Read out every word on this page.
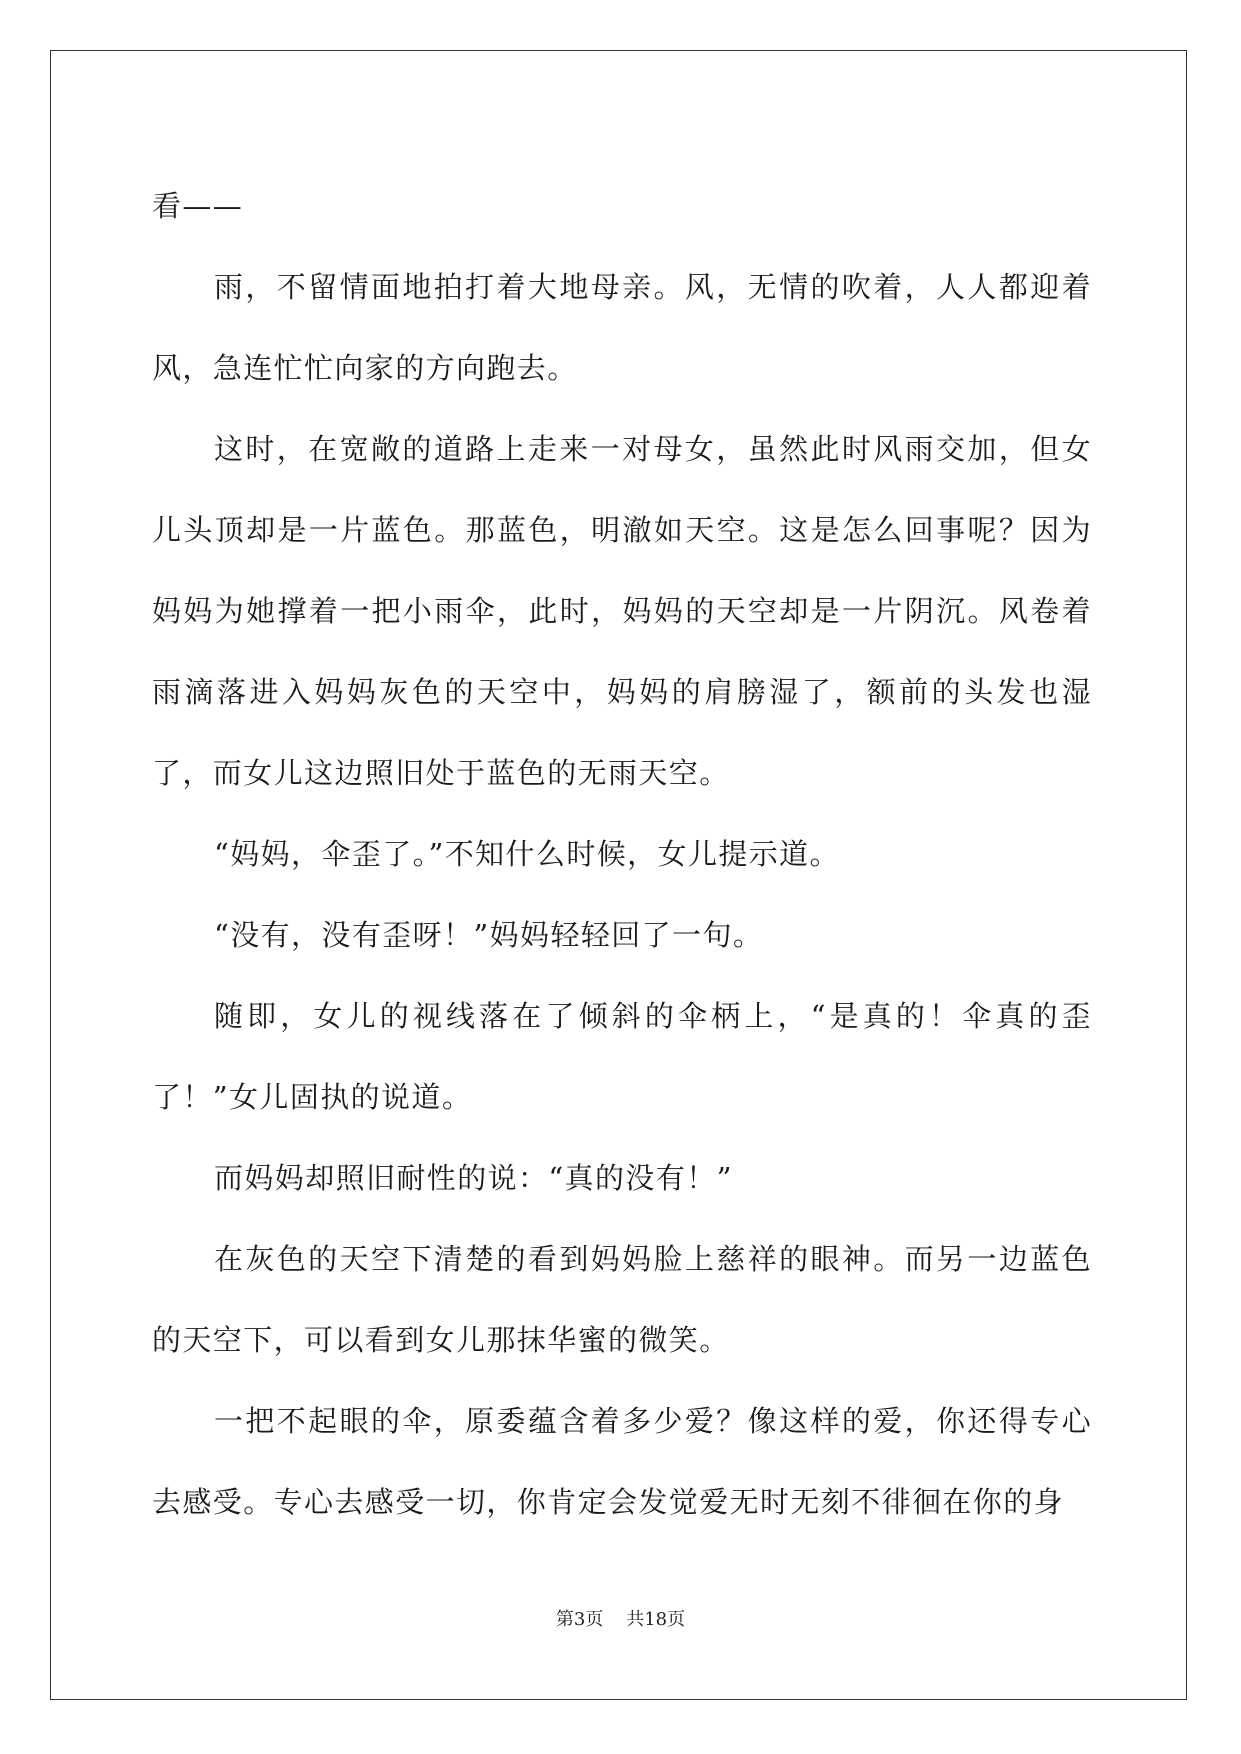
看——

雨，不留情面地拍打着大地母亲。风，无情的吹着，人人都迎着风，急连忙忙向家的方向跑去。

这时，在宽敞的道路上走来一对母女，虽然此时风雨交加，但女儿头顶却是一片蓝色。那蓝色，明澈如天空。这是怎么回事呢？因为妈妈为她撑着一把小雨伞，此时，妈妈的天空却是一片阴沉。风卷着雨滴落进入妈妈灰色的天空中，妈妈的肩膀湿了，额前的头发也湿了，而女儿这边照旧处于蓝色的无雨天空。

“妈妈，伞歪了。”不知什么时候，女儿提示道。

“没有，没有歪呀！”妈妈轻轻回了一句。

随即，女儿的视线落在了倾斜的伞柄上，“是真的！伞真的歪了！”女儿固执的说道。

而妈妈却照旧耐性的说：“真的没有！”

在灰色的天空下清楚的看到妈妈脸上慈祥的眼神。而另一边蓝色的天空下，可以看到女儿那抹华蜜的微笑。

一把不起眼的伞，原委蕴含着多少爱？像这样的爱，你还得专心去感受。专心去感受一切，你肯定会发觉爱无时无刻不徘徊在你的身

第3页 共18页
